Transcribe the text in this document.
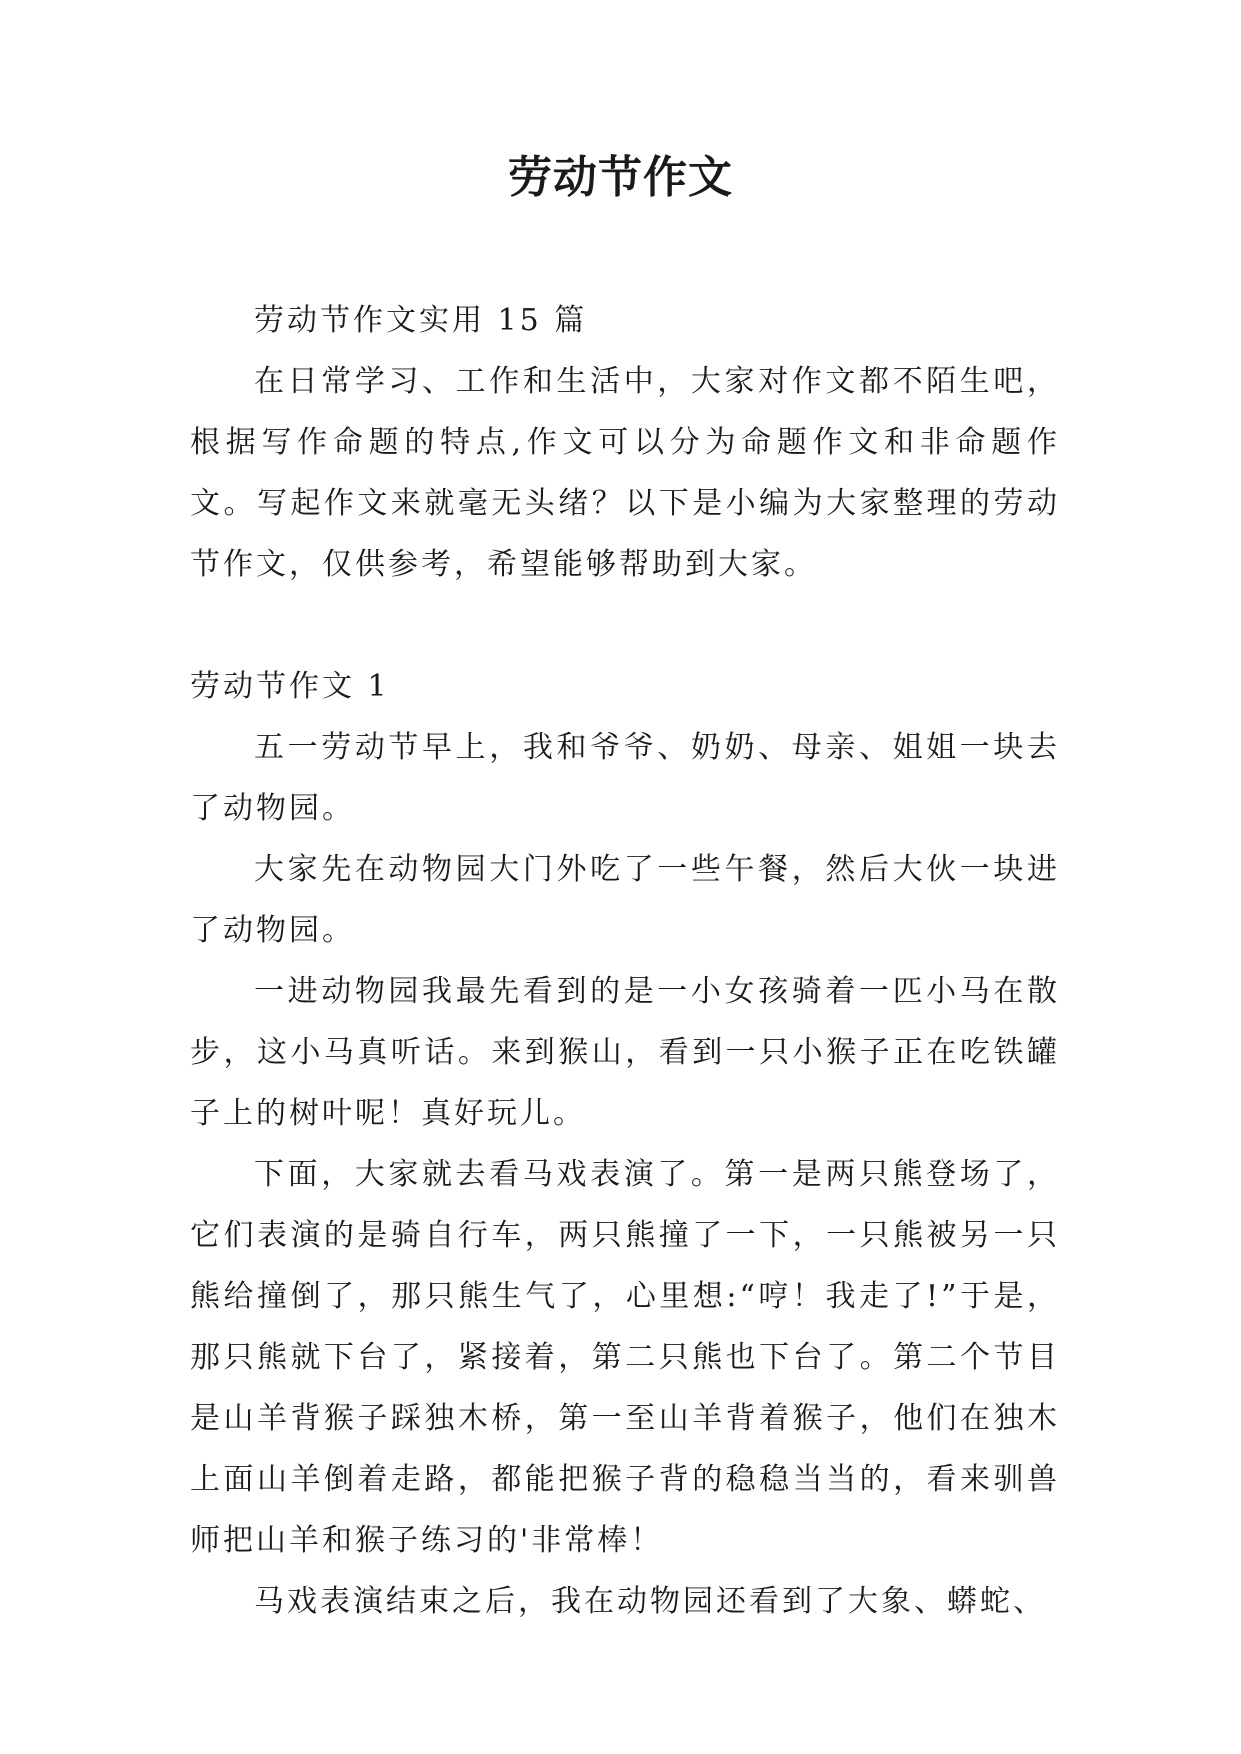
劳动节作文

劳动节作文实用 15 篇

在日常学习、工作和生活中，大家对作文都不陌生吧，根据写作命题的特点,作文可以分为命题作文和非命题作文。写起作文来就毫无头绪？以下是小编为大家整理的劳动节作文，仅供参考，希望能够帮助到大家。

劳动节作文 1

五一劳动节早上，我和爷爷、奶奶、母亲、姐姐一块去了动物园。

大家先在动物园大门外吃了一些午餐，然后大伙一块进了动物园。

一进动物园我最先看到的是一小女孩骑着一匹小马在散步，这小马真听话。来到猴山，看到一只小猴子正在吃铁罐子上的树叶呢！真好玩儿。

下面，大家就去看马戏表演了。第一是两只熊登场了，它们表演的是骑自行车，两只熊撞了一下，一只熊被另一只熊给撞倒了，那只熊生气了，心里想:“哼！我走了!”于是，那只熊就下台了，紧接着，第二只熊也下台了。第二个节目是山羊背猴子踩独木桥，第一至山羊背着猴子，他们在独木上面山羊倒着走路，都能把猴子背的稳稳当当的，看来驯兽师把山羊和猴子练习的'非常棒！

马戏表演结束之后，我在动物园还看到了大象、蟒蛇、
